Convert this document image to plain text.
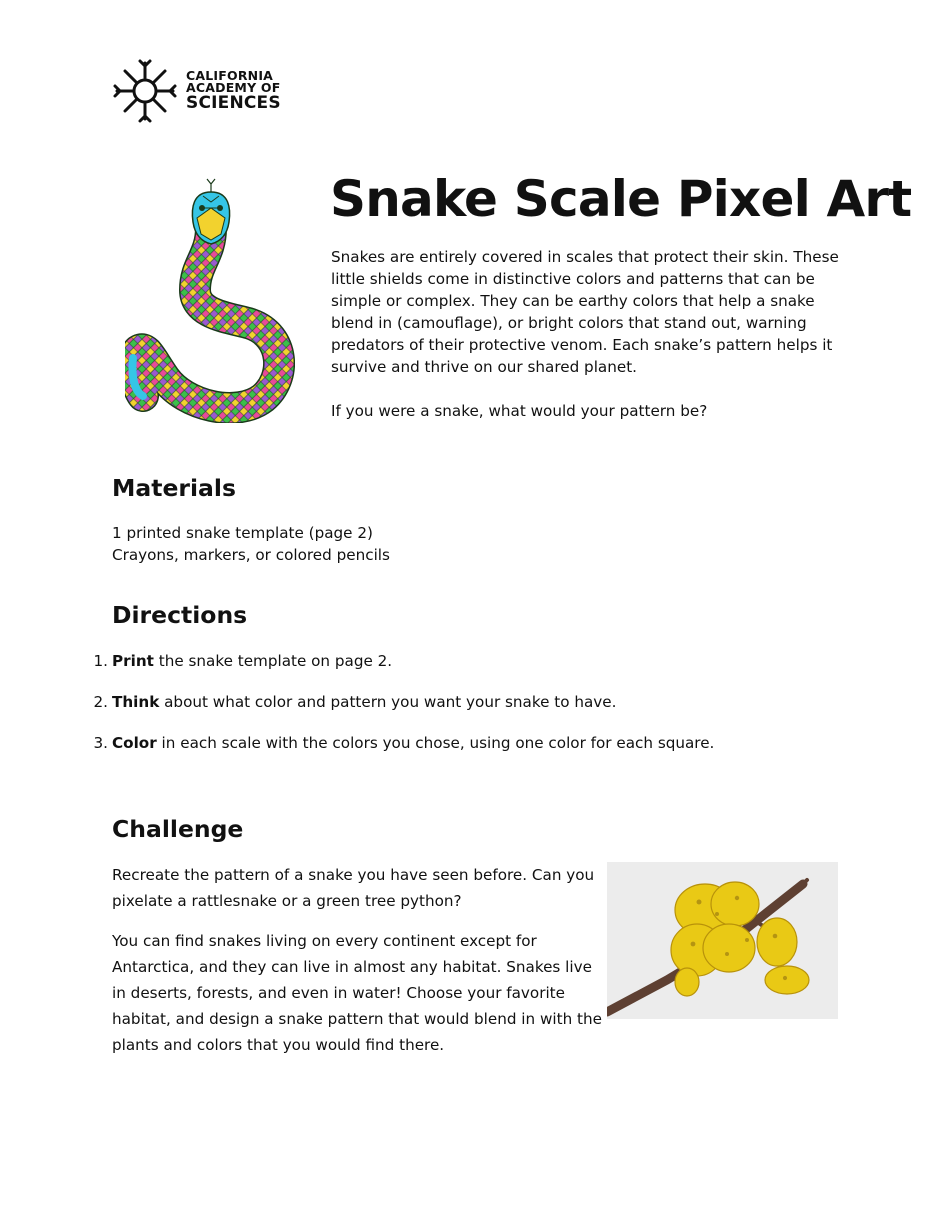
CALIFORNIA
ACADEMY OF
SCIENCES
Snake Scale Pixel Art

Snakes are entirely covered in scales that protect their skin. These little shields come in distinctive colors and patterns that can be simple or complex. They can be earthy colors that help a snake blend in (camouflage), or bright colors that stand out, warning predators of their protective venom. Each snake’s pattern helps it survive and thrive on our shared planet.

If you were a snake, what would your pattern be?

Materials
1 printed snake template (page 2)
Crayons, markers, or colored pencils
Directions
1. Print the snake template on page 2.
2. Think about what color and pattern you want your snake to have.
3. Color in each scale with the colors you chose, using one color for each square.
Challenge

Recreate the pattern of a snake you have seen before. Can you pixelate a rattlesnake or a green tree python?

You can find snakes living on every continent except for Antarctica, and they can live in almost any habitat. Snakes live in deserts, forests, and even in water! Choose your favorite habitat, and design a snake pattern that would blend in with the plants and colors that you would find there.
